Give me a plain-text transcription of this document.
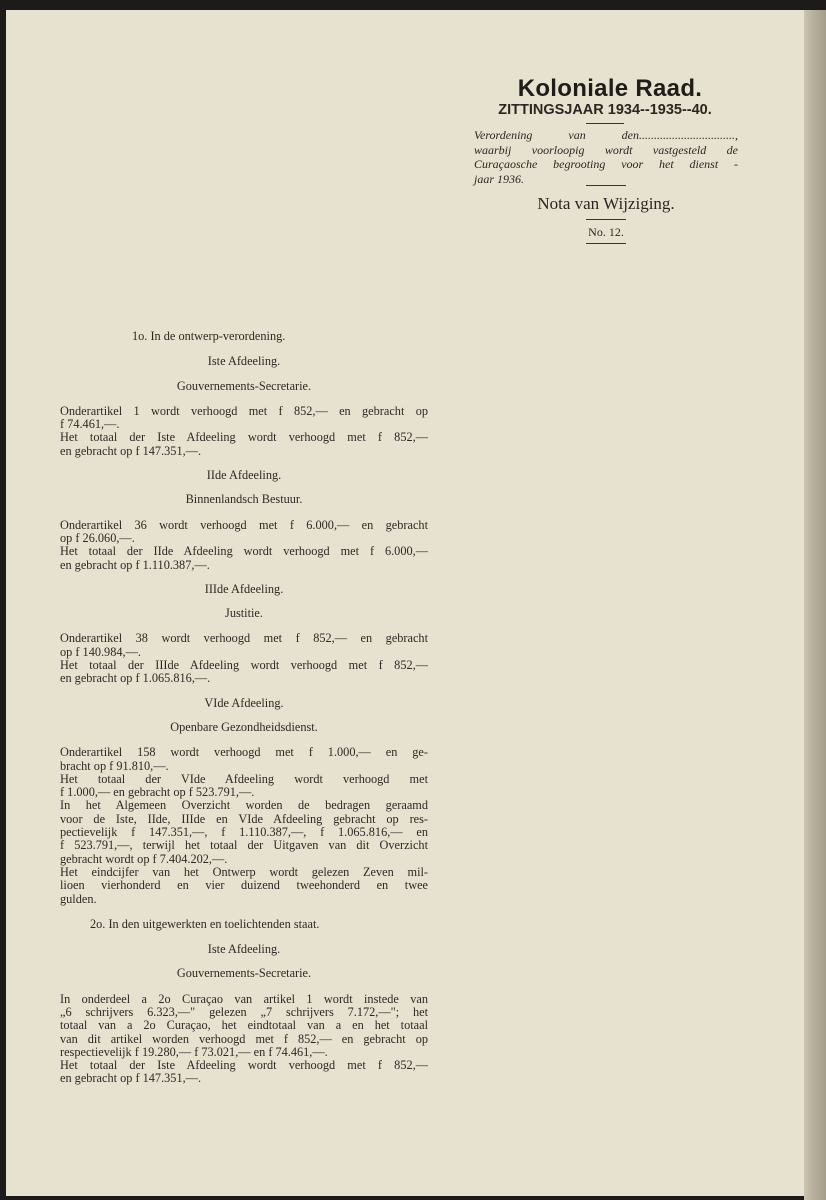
Koloniale Raad.
ZITTINGSJAAR 1934--1935--40.
Verordening van den................................,
waarbij voorloopig wordt vastgesteld de
Curaçaosche begrooting voor het dienst -
jaar 1936.
Nota van Wijziging.
No. 12.
1o. In de ontwerp-verordening.
Iste Afdeeling.
Gouvernements-Secretarie.
Onderartikel 1 wordt verhoogd met f 852,— en gebracht op
f 74.461,—.
Het totaal der Iste Afdeeling wordt verhoogd met f 852,—
en gebracht op f 147.351,—.
IIde Afdeeling.
Binnenlandsch Bestuur.
Onderartikel 36 wordt verhoogd met f 6.000,— en gebracht
op f 26.060,—.
Het totaal der IIde Afdeeling wordt verhoogd met f 6.000,—
en gebracht op f 1.110.387,—.
IIIde Afdeeling.
Justitie.
Onderartikel 38 wordt verhoogd met f 852,— en gebracht
op f 140.984,—.
Het totaal der IIIde Afdeeling wordt verhoogd met f 852,—
en gebracht op f 1.065.816,—.
VIde Afdeeling.
Openbare Gezondheidsdienst.
Onderartikel 158 wordt verhoogd met f 1.000,— en ge-
bracht op f 91.810,—.
Het totaal der VIde Afdeeling wordt verhoogd met
f 1.000,— en gebracht op f 523.791,—.
In het Algemeen Overzicht worden de bedragen geraamd
voor de Iste, IIde, IIIde en VIde Afdeeling gebracht op res-
pectievelijk f 147.351,—, f 1.110.387,—, f 1.065.816,— en
f 523.791,—, terwijl het totaal der Uitgaven van dit Overzicht
gebracht wordt op f 7.404.202,—.
Het eindcijfer van het Ontwerp wordt gelezen Zeven mil-
lioen vierhonderd en vier duizend tweehonderd en twee
gulden.
2o. In den uitgewerkten en toelichtenden staat.
Iste Afdeeling.
Gouvernements-Secretarie.
In onderdeel a 2o Curaçao van artikel 1 wordt instede van
„6 schrijvers 6.323,—" gelezen „7 schrijvers 7.172,—"; het
totaal van a 2o Curaçao, het eindtotaal van a en het totaal
van dit artikel worden verhoogd met f 852,— en gebracht op
respectievelijk f 19.280,— f 73.021,— en f 74.461,—.
Het totaal der Iste Afdeeling wordt verhoogd met f 852,—
en gebracht op f 147.351,—.
